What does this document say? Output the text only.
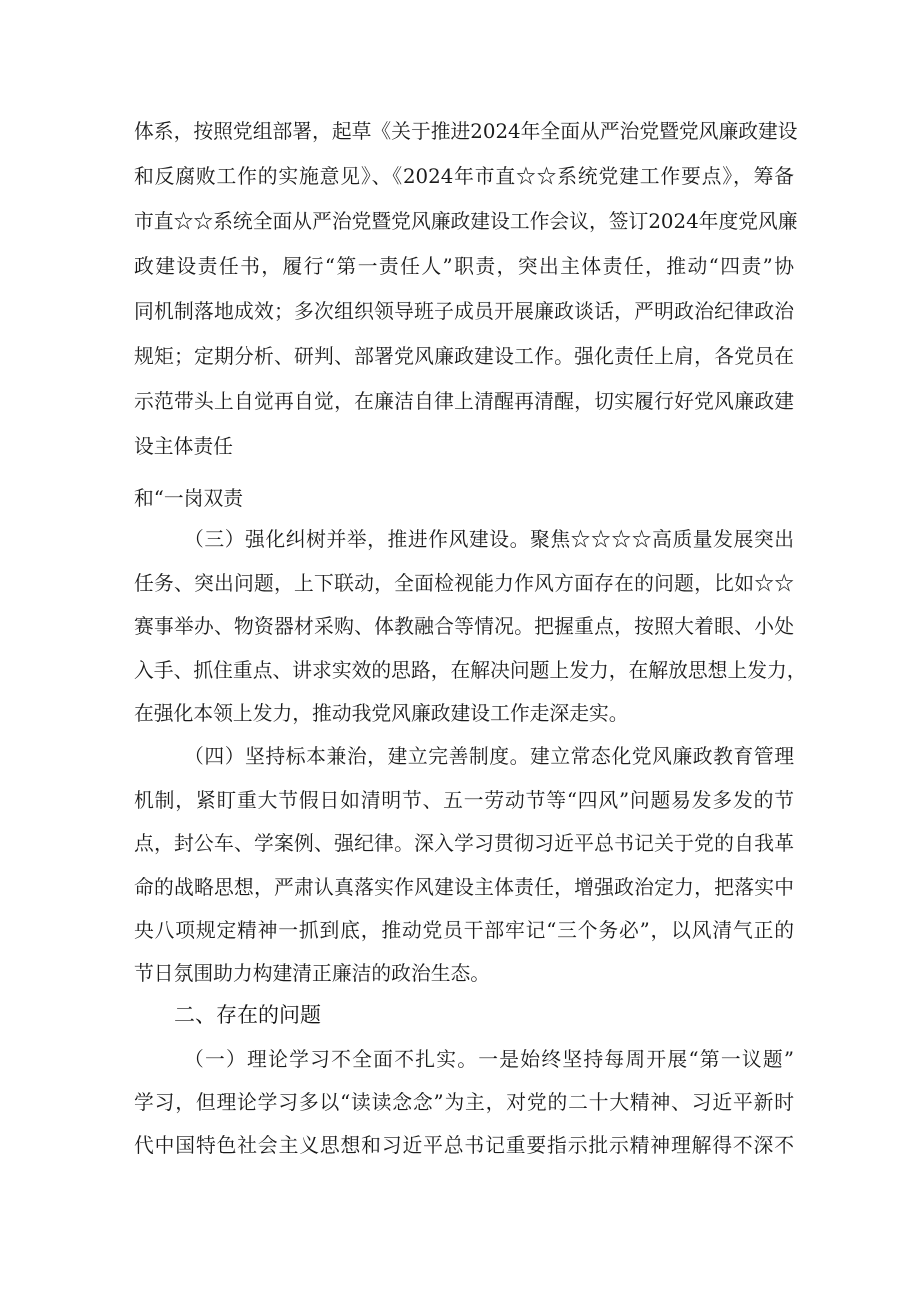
体系，按照党组部署，起草《关于推进2024年全面从严治党暨党风廉政建设
和反腐败工作的实施意见》、《2024年市直☆☆系统党建工作要点》，筹备
市直☆☆系统全面从严治党暨党风廉政建设工作会议，签订2024年度党风廉
政建设责任书，履行“第一责任人”职责，突出主体责任，推动“四责”协
同机制落地成效；多次组织领导班子成员开展廉政谈话，严明政治纪律政治
规矩；定期分析、研判、部署党风廉政建设工作。强化责任上肩，各党员在
示范带头上自觉再自觉，在廉洁自律上清醒再清醒，切实履行好党风廉政建
设主体责任
和“一岗双责
（三）强化纠树并举，推进作风建设。聚焦☆☆☆☆高质量发展突出
任务、突出问题，上下联动，全面检视能力作风方面存在的问题，比如☆☆
赛事举办、物资器材采购、体教融合等情况。把握重点，按照大着眼、小处
入手、抓住重点、讲求实效的思路，在解决问题上发力，在解放思想上发力，
在强化本领上发力，推动我党风廉政建设工作走深走实。
（四）坚持标本兼治，建立完善制度。建立常态化党风廉政教育管理
机制，紧盯重大节假日如清明节、五一劳动节等“四风”问题易发多发的节
点，封公车、学案例、强纪律。深入学习贯彻习近平总书记关于党的自我革
命的战略思想，严肃认真落实作风建设主体责任，增强政治定力，把落实中
央八项规定精神一抓到底，推动党员干部牢记“三个务必”，以风清气正的
节日氛围助力构建清正廉洁的政治生态。
二、存在的问题
（一）理论学习不全面不扎实。一是始终坚持每周开展“第一议题”
学习，但理论学习多以“读读念念”为主，对党的二十大精神、习近平新时
代中国特色社会主义思想和习近平总书记重要指示批示精神理解得不深不
